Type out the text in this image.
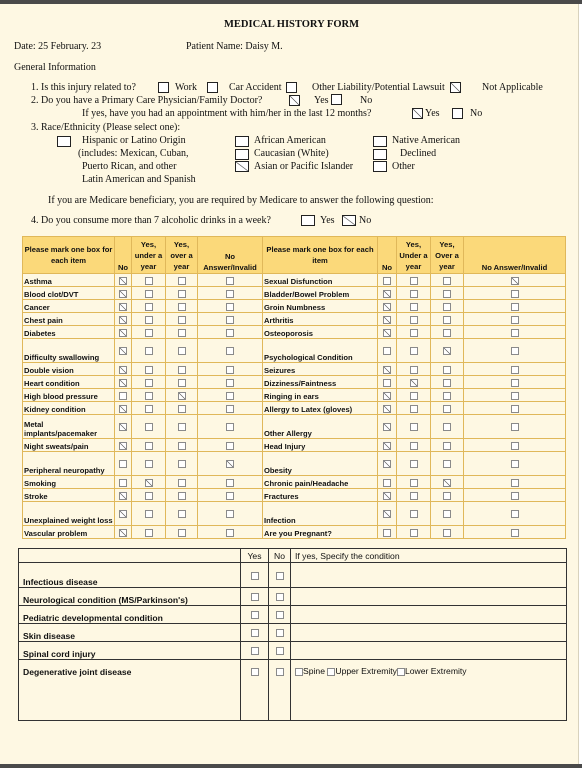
MEDICAL HISTORY FORM
Date: 25 February. 23	Patient Name: Daisy M.
General Information
1. Is this injury related to?	Work	Car Accident	Other Liability/Potential Lawsuit	Not Applicable
2. Do you have a Primary Care Physician/Family Doctor?	Yes	No
If yes, have you had an appointment with him/her in the last 12 months?	Yes	No
3. Race/Ethnicity (Please select one):
Hispanic or Latino Origin
(includes: Mexican, Cuban,
Puerto Rican, and other
Latin American and Spanish
African American
Caucasian (White)
Asian or Pacific Islander
Native American
Declined
Other
If you are Medicare beneficiary, you are required by Medicare to answer the following question:
4. Do you consume more than 7 alcoholic drinks in a week?	Yes No
Please mark one box for each item	No	Yes, under a year	Yes, over a year	No Answer/Invalid	Please mark one box for each item	No	Yes, Under a year	Yes, Over a year	No Answer/Invalid
Asthma					Sexual Disfunction				
Blood clot/DVT					Bladder/Bowel Problem				
Cancer					Groin Numbness				
Chest pain					Arthritis				
Diabetes					Osteoporosis				
Difficulty swallowing					Psychological Condition				
Double vision					Seizures				
Heart condition					Dizziness/Faintness				
High blood pressure					Ringing in ears				
Kidney condition					Allergy to Latex (gloves)				
Metal implants/pacemaker					Other Allergy				
Night sweats/pain					Head Injury				
Peripheral neuropathy					Obesity				
Smoking					Chronic pain/Headache				
Stroke					Fractures				
Unexplained weight loss					Infection				
Vascular problem					Are you Pregnant?				
	Yes	No	If yes, Specify the condition
Infectious disease			
Neurological condition (MS/Parkinson's)			
Pediatric developmental condition			
Skin disease			
Spinal cord injury			
Degenerative joint disease			Spine Upper Extremity Lower Extremity
